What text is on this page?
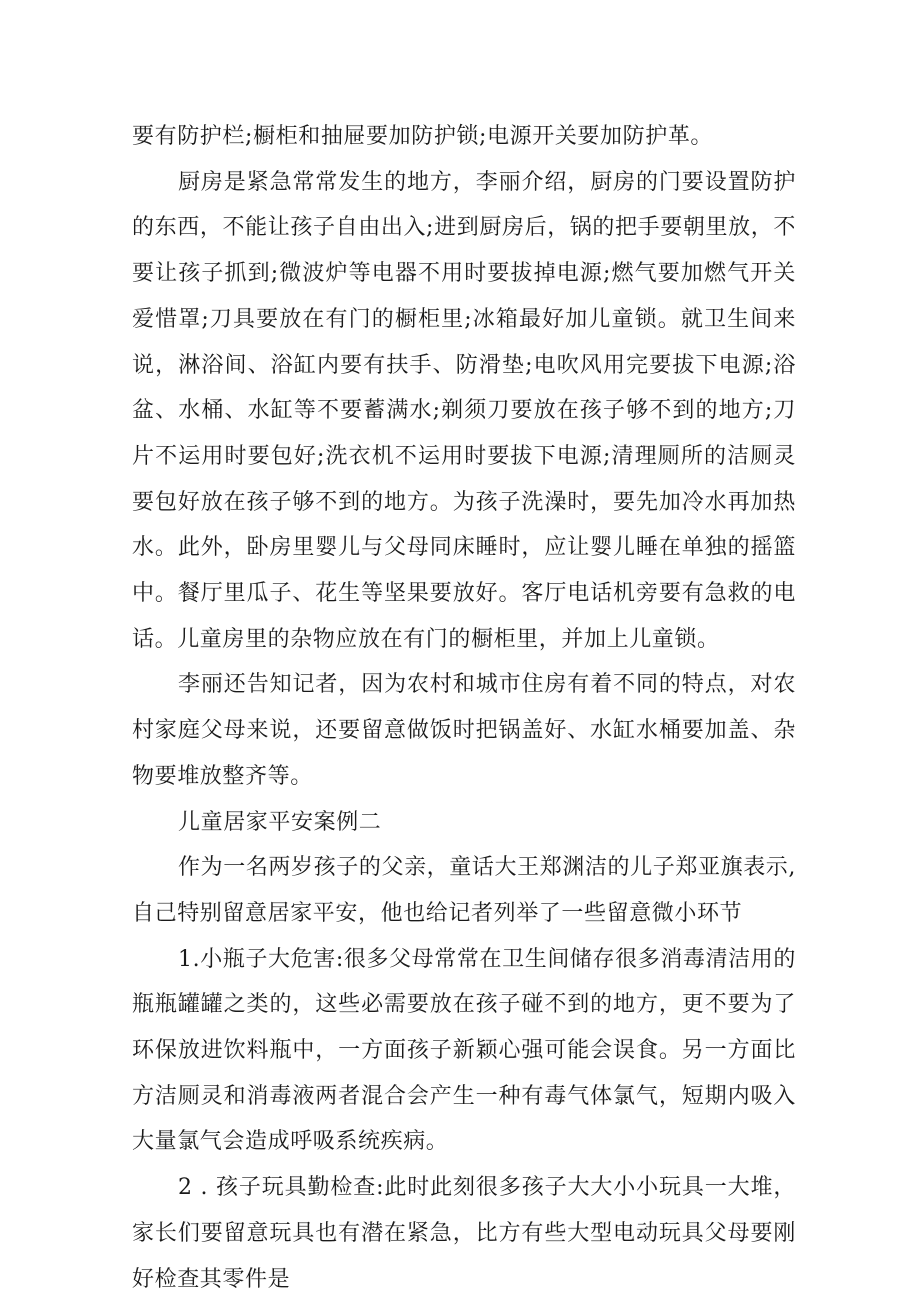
要有防护栏;橱柜和抽屉要加防护锁;电源开关要加防护革。

厨房是紧急常常发生的地方，李丽介绍，厨房的门要设置防护的东西，不能让孩子自由出入;进到厨房后，锅的把手要朝里放，不要让孩子抓到;微波炉等电器不用时要拔掉电源;燃气要加燃气开关爱惜罩;刀具要放在有门的橱柜里;冰箱最好加儿童锁。就卫生间来说，淋浴间、浴缸内要有扶手、防滑垫;电吹风用完要拔下电源;浴盆、水桶、水缸等不要蓄满水;剃须刀要放在孩子够不到的地方;刀片不运用时要包好;洗衣机不运用时要拔下电源;清理厕所的洁厕灵要包好放在孩子够不到的地方。为孩子洗澡时，要先加冷水再加热水。此外，卧房里婴儿与父母同床睡时，应让婴儿睡在单独的摇篮中。餐厅里瓜子、花生等坚果要放好。客厅电话机旁要有急救的电话。儿童房里的杂物应放在有门的橱柜里，并加上儿童锁。

李丽还告知记者，因为农村和城市住房有着不同的特点，对农村家庭父母来说，还要留意做饭时把锅盖好、水缸水桶要加盖、杂物要堆放整齐等。

儿童居家平安案例二

作为一名两岁孩子的父亲，童话大王郑渊洁的儿子郑亚旗表示,自己特别留意居家平安，他也给记者列举了一些留意微小环节

1.小瓶子大危害:很多父母常常在卫生间储存很多消毒清洁用的瓶瓶罐罐之类的，这些必需要放在孩子碰不到的地方，更不要为了环保放进饮料瓶中，一方面孩子新颖心强可能会误食。另一方面比方洁厕灵和消毒液两者混合会产生一种有毒气体氯气，短期内吸入大量氯气会造成呼吸系统疾病。

2 . 孩子玩具勤检查:此时此刻很多孩子大大小小玩具一大堆，家长们要留意玩具也有潜在紧急，比方有些大型电动玩具父母要刚好检查其零件是
